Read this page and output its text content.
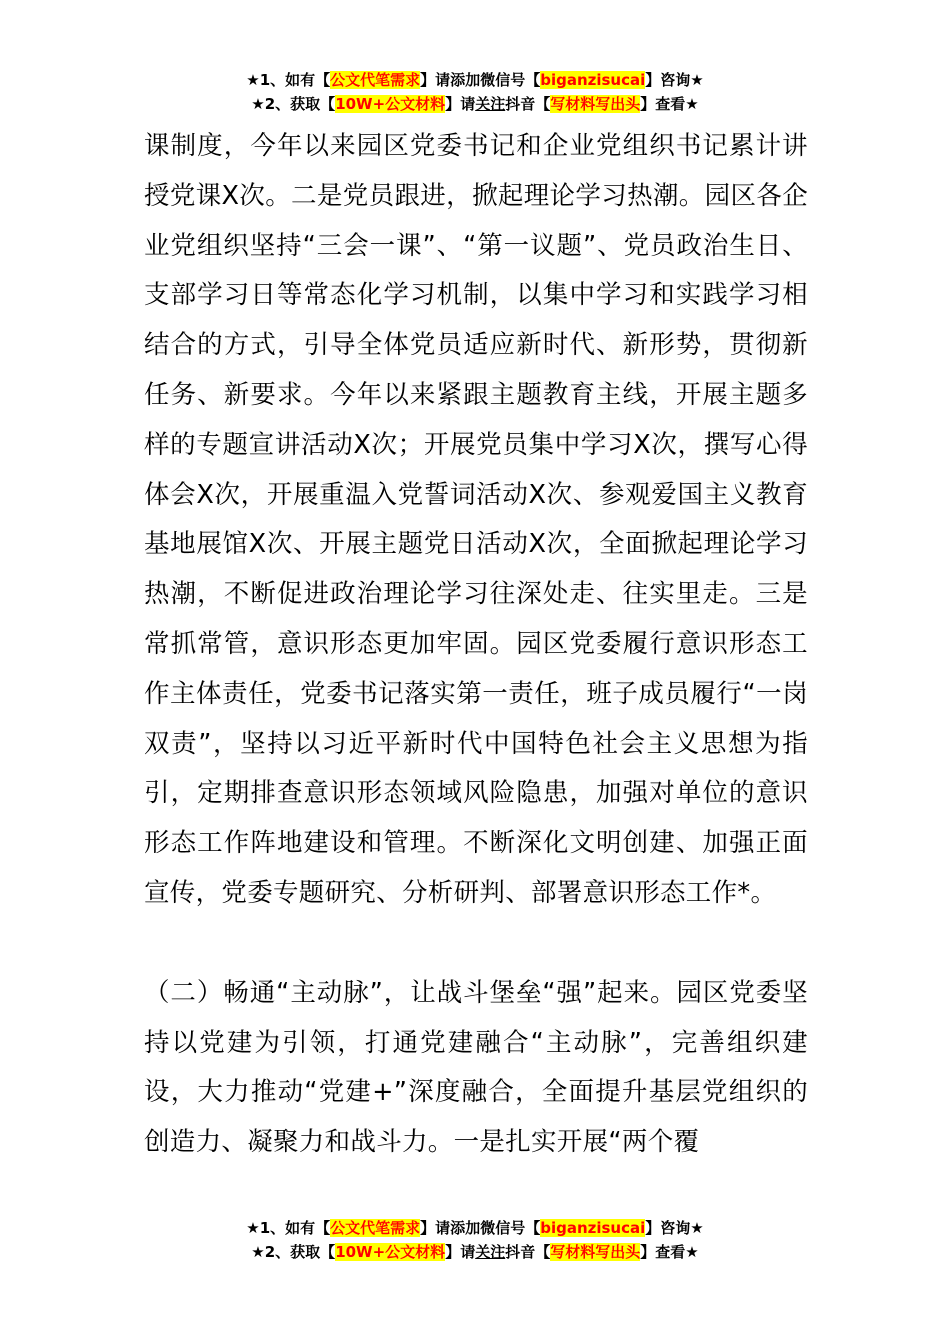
★1、如有【公文代笔需求】请添加微信号【biganzisucai】咨询★
★2、获取【10W+公文材料】请关注抖音【写材料写出头】查看★

课制度，今年以来园区党委书记和企业党组织书记累计讲授党课X次。二是党员跟进，掀起理论学习热潮。园区各企业党组织坚持“三会一课”、“第一议题”、党员政治生日、支部学习日等常态化学习机制，以集中学习和实践学习相结合的方式，引导全体党员适应新时代、新形势，贯彻新任务、新要求。今年以来紧跟主题教育主线，开展主题多样的专题宣讲活动X次；开展党员集中学习X次，撰写心得体会X次，开展重温入党誓词活动X次、参观爱国主义教育基地展馆X次、开展主题党日活动X次，全面掀起理论学习热潮，不断促进政治理论学习往深处走、往实里走。三是常抓常管，意识形态更加牢固。园区党委履行意识形态工作主体责任，党委书记落实第一责任，班子成员履行“一岗双责”，坚持以习近平新时代中国特色社会主义思想为指引，定期排查意识形态领域风险隐患，加强对单位的意识形态工作阵地建设和管理。不断深化文明创建、加强正面宣传，党委专题研究、分析研判、部署意识形态工作*。

（二）畅通“主动脉”，让战斗堡垒“强”起来。园区党委坚持以党建为引领，打通党建融合“主动脉”，完善组织建设，大力推动“党建+”深度融合，全面提升基层党组织的创造力、凝聚力和战斗力。一是扎实开展“两个覆

★1、如有【公文代笔需求】请添加微信号【biganzisucai】咨询★
★2、获取【10W+公文材料】请关注抖音【写材料写出头】查看★
